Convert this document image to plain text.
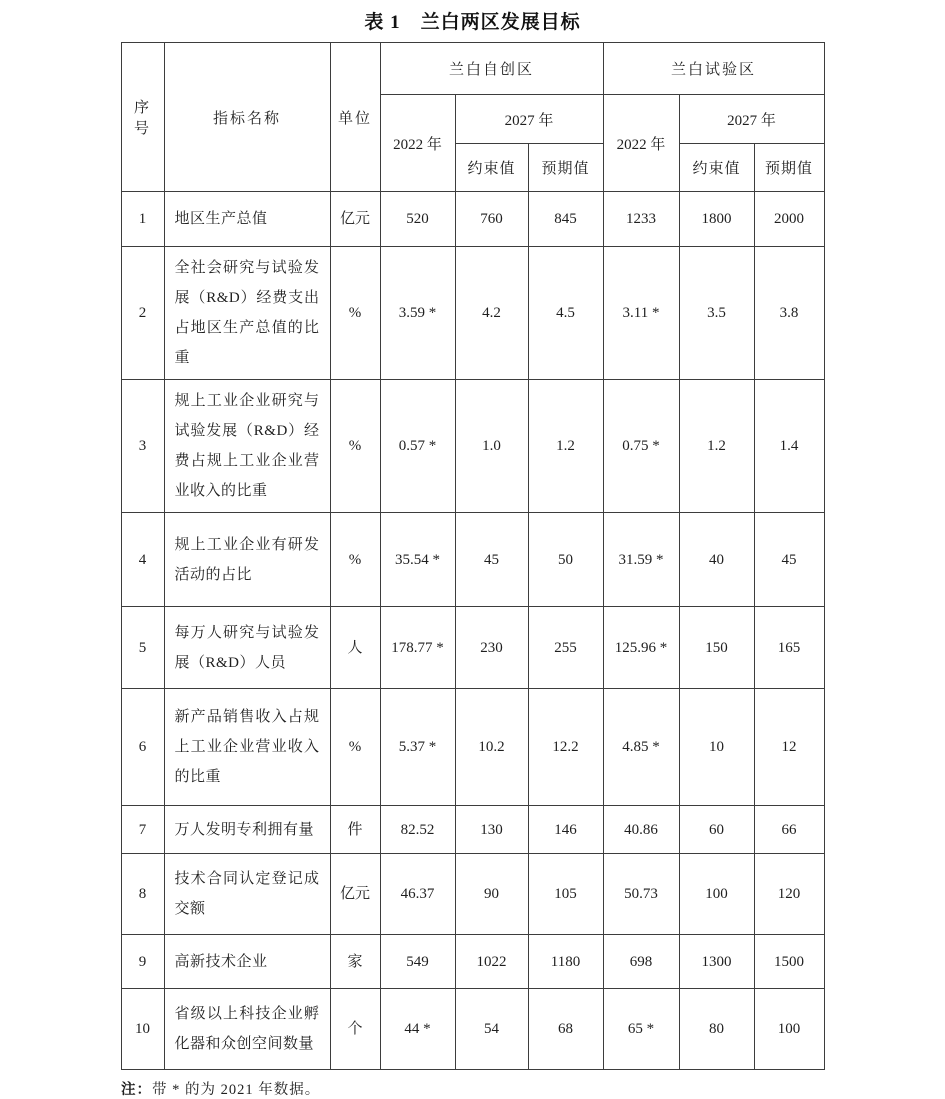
表 1　兰白两区发展目标
序号	指标名称	单位	兰白自创区			兰白试验区		
			2022 年	2027 年		2022 年	2027 年	
				约束值	预期值		约束值	预期值
1	地区生产总值	亿元	520	760	845	1233	1800	2000
2	全社会研究与试验发展（R&D）经费支出占地区生产总值的比重	%	3.59 *	4.2	4.5	3.11 *	3.5	3.8
3	规上工业企业研究与试验发展（R&D）经费占规上工业企业营业收入的比重	%	0.57 *	1.0	1.2	0.75 *	1.2	1.4
4	规上工业企业有研发活动的占比	%	35.54 *	45	50	31.59 *	40	45
5	每万人研究与试验发展（R&D）人员	人	178.77 *	230	255	125.96 *	150	165
6	新产品销售收入占规上工业企业营业收入的比重	%	5.37 *	10.2	12.2	4.85 *	10	12
7	万人发明专利拥有量	件	82.52	130	146	40.86	60	66
8	技术合同认定登记成交额	亿元	46.37	90	105	50.73	100	120
9	高新技术企业	家	549	1022	1180	698	1300	1500
10	省级以上科技企业孵化器和众创空间数量	个	44 *	54	68	65 *	80	100
注：带 * 的为 2021 年数据。
